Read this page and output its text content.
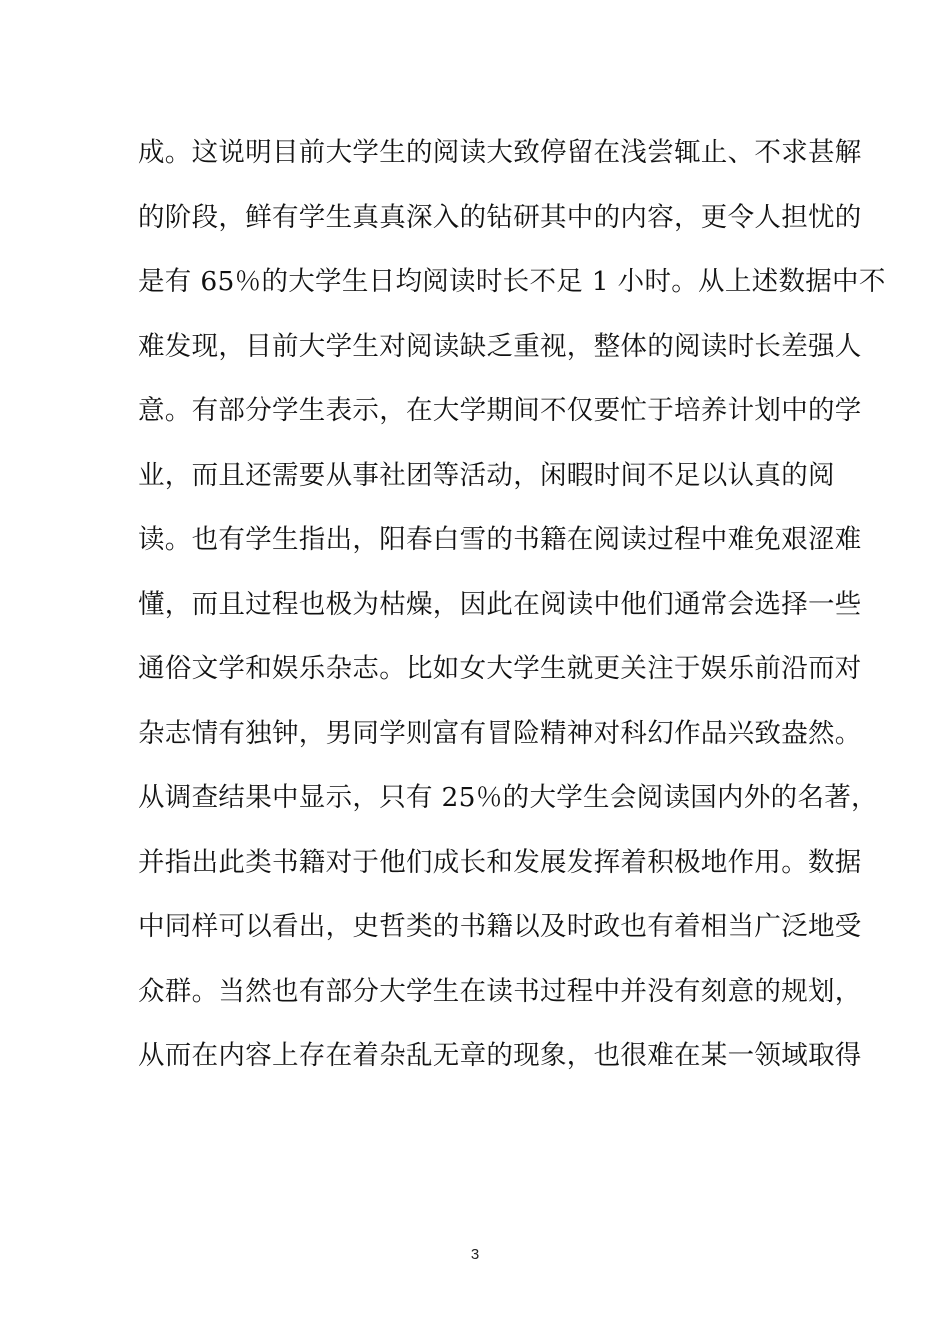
成。这说明目前大学生的阅读大致停留在浅尝辄止、不求甚解
的阶段，鲜有学生真真深入的钻研其中的内容，更令人担忧的
是有 65％的大学生日均阅读时长不足 1 小时。从上述数据中不
难发现，目前大学生对阅读缺乏重视，整体的阅读时长差强人
意。有部分学生表示，在大学期间不仅要忙于培养计划中的学
业，而且还需要从事社团等活动，闲暇时间不足以认真的阅
读。也有学生指出，阳春白雪的书籍在阅读过程中难免艰涩难
懂，而且过程也极为枯燥，因此在阅读中他们通常会选择一些
通俗文学和娱乐杂志。比如女大学生就更关注于娱乐前沿而对
杂志情有独钟，男同学则富有冒险精神对科幻作品兴致盎然。
从调查结果中显示，只有 25％的大学生会阅读国内外的名著，
并指出此类书籍对于他们成长和发展发挥着积极地作用。数据
中同样可以看出，史哲类的书籍以及时政也有着相当广泛地受
众群。当然也有部分大学生在读书过程中并没有刻意的规划，
从而在内容上存在着杂乱无章的现象，也很难在某一领域取得
3
